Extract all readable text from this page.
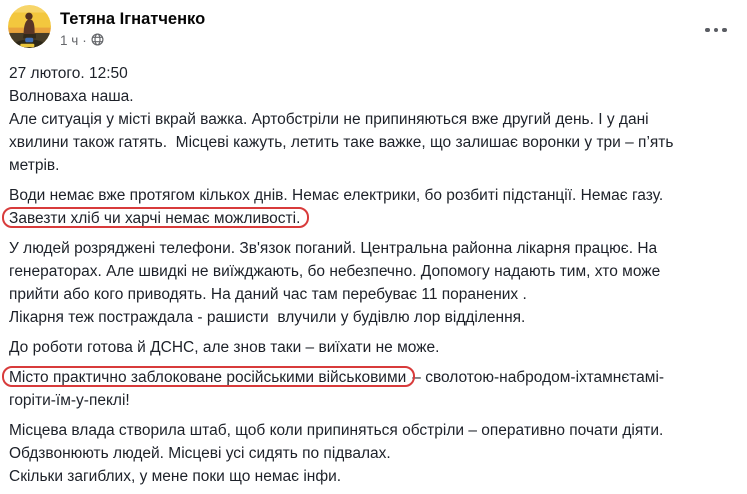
Тетяна Ігнатченко
1 ч ·
27 лютого. 12:50
Волноваха наша.
Але ситуація у місті вкрай важка. Артобстріли не припиняються вже другий день. І у дані
хвилини також гатять.  Місцеві кажуть, летить таке важке, що залишає воронки у три – п’ять
метрів.
Води немає вже протягом кількох днів. Немає електрики, бо розбиті підстанції. Немає газу.
Завезти хліб чи харчі немає можливості.
У людей розряджені телефони. Зв'язок поганий. Центральна районна лікарня працює. На
генераторах. Але швидкі не виїжджають, бо небезпечно. Допомогу надають тим, хто може
прийти або кого приводять. На даний час там перебуває 11 поранених .
Лікарня теж постраждала - рашисти  влучили у будівлю лор відділення.
До роботи готова й ДСНС, але знов таки – виїхати не може.
Місто практично заблоковане російськими військовими – сволотою-набродом-іхтамнєтамі-
горіти-їм-у-пеклі!
Місцева влада створила штаб, щоб коли припиняться обстріли – оперативно почати діяти.
Обдзвонюють людей. Місцеві усі сидять по підвалах.
Скільки загиблих, у мене поки що немає інфи.
